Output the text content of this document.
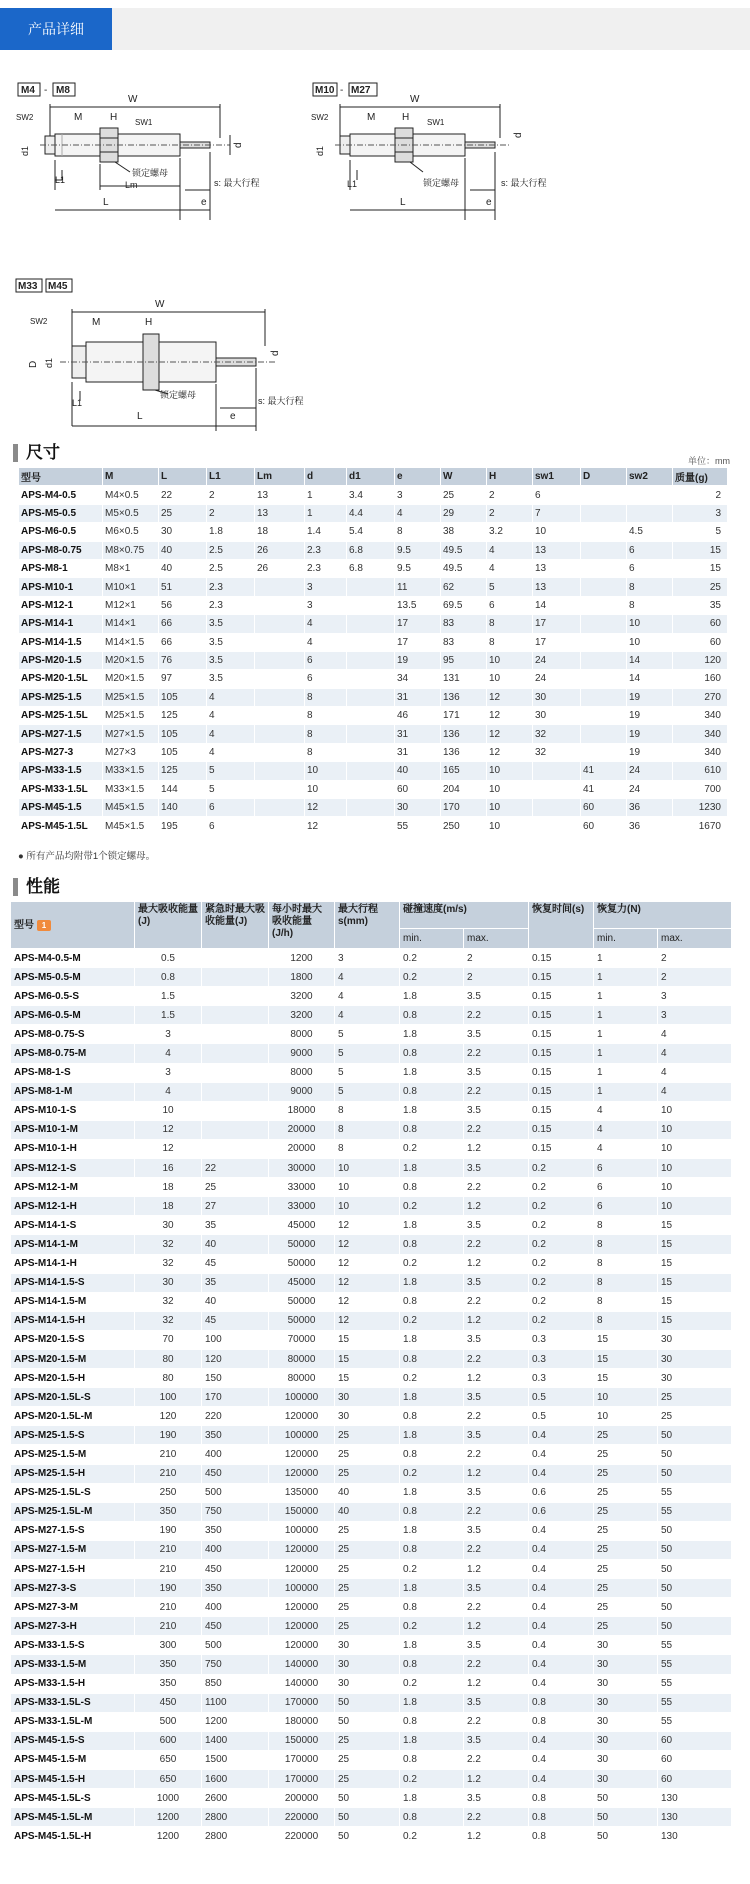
产品详细
M4 - M8
W
M	H SW1
SW2
d1
d
L1	Lm
L	e
锁定螺母
s: 最大行程
M10 - M27
W
M	H SW1
SW2
d1
d
L1
L	e
锁定螺母	s: 最大行程
M33 M45
W
M	H
SW2
D d1
d
L1
L	e
锁定螺母
s: 最大行程
尺寸	单位：mm
型号	M	L	L1	Lm	d	d1	e	W	H	sw1	D	sw2	质量(g)
APS-M4-0.5	M4×0.5	22	2	13	1	3.4	3	25	2	6			2
APS-M5-0.5	M5×0.5	25	2	13	1	4.4	4	29	2	7			3
APS-M6-0.5	M6×0.5	30	1.8	18	1.4	5.4	8	38	3.2	10		4.5	5
APS-M8-0.75	M8×0.75	40	2.5	26	2.3	6.8	9.5	49.5	4	13		6	15
APS-M8-1	M8×1	40	2.5	26	2.3	6.8	9.5	49.5	4	13		6	15
APS-M10-1	M10×1	51	2.3		3		11	62	5	13		8	25
APS-M12-1	M12×1	56	2.3		3		13.5	69.5	6	14		8	35
APS-M14-1	M14×1	66	3.5		4		17	83	8	17		10	60
APS-M14-1.5	M14×1.5	66	3.5		4		17	83	8	17		10	60
APS-M20-1.5	M20×1.5	76	3.5		6		19	95	10	24		14	120
APS-M20-1.5L	M20×1.5	97	3.5		6		34	131	10	24		14	160
APS-M25-1.5	M25×1.5	105	4		8		31	136	12	30		19	270
APS-M25-1.5L	M25×1.5	125	4		8		46	171	12	30		19	340
APS-M27-1.5	M27×1.5	105	4		8		31	136	12	32		19	340
APS-M27-3	M27×3	105	4		8		31	136	12	32		19	340
APS-M33-1.5	M33×1.5	125	5		10		40	165	10		41	24	610
APS-M33-1.5L	M33×1.5	144	5		10		60	204	10		41	24	700
APS-M45-1.5	M45×1.5	140	6		12		30	170	10		60	36	1230
APS-M45-1.5L	M45×1.5	195	6		12		55	250	10		60	36	1670
● 所有产品均附带1个锁定螺母。
性能
型号 1	最大吸收能量(J)	紧急时最大吸收能量(J)	每小时最大吸收能量(J/h)	最大行程s(mm)	碰撞速度(m/s)		恢复时间(s)	恢复力(N)	
					min.	max.		min.	max.
APS-M4-0.5-M	0.5		1200	3	0.2	2	0.15	1	2
APS-M5-0.5-M	0.8		1800	4	0.2	2	0.15	1	2
APS-M6-0.5-S	1.5		3200	4	1.8	3.5	0.15	1	3
APS-M6-0.5-M	1.5		3200	4	0.8	2.2	0.15	1	3
APS-M8-0.75-S	3		8000	5	1.8	3.5	0.15	1	4
APS-M8-0.75-M	4		9000	5	0.8	2.2	0.15	1	4
APS-M8-1-S	3		8000	5	1.8	3.5	0.15	1	4
APS-M8-1-M	4		9000	5	0.8	2.2	0.15	1	4
APS-M10-1-S	10		18000	8	1.8	3.5	0.15	4	10
APS-M10-1-M	12		20000	8	0.8	2.2	0.15	4	10
APS-M10-1-H	12		20000	8	0.2	1.2	0.15	4	10
APS-M12-1-S	16	22	30000	10	1.8	3.5	0.2	6	10
APS-M12-1-M	18	25	33000	10	0.8	2.2	0.2	6	10
APS-M12-1-H	18	27	33000	10	0.2	1.2	0.2	6	10
APS-M14-1-S	30	35	45000	12	1.8	3.5	0.2	8	15
APS-M14-1-M	32	40	50000	12	0.8	2.2	0.2	8	15
APS-M14-1-H	32	45	50000	12	0.2	1.2	0.2	8	15
APS-M14-1.5-S	30	35	45000	12	1.8	3.5	0.2	8	15
APS-M14-1.5-M	32	40	50000	12	0.8	2.2	0.2	8	15
APS-M14-1.5-H	32	45	50000	12	0.2	1.2	0.2	8	15
APS-M20-1.5-S	70	100	70000	15	1.8	3.5	0.3	15	30
APS-M20-1.5-M	80	120	80000	15	0.8	2.2	0.3	15	30
APS-M20-1.5-H	80	150	80000	15	0.2	1.2	0.3	15	30
APS-M20-1.5L-S	100	170	100000	30	1.8	3.5	0.5	10	25
APS-M20-1.5L-M	120	220	120000	30	0.8	2.2	0.5	10	25
APS-M25-1.5-S	190	350	100000	25	1.8	3.5	0.4	25	50
APS-M25-1.5-M	210	400	120000	25	0.8	2.2	0.4	25	50
APS-M25-1.5-H	210	450	120000	25	0.2	1.2	0.4	25	50
APS-M25-1.5L-S	250	500	135000	40	1.8	3.5	0.6	25	55
APS-M25-1.5L-M	350	750	150000	40	0.8	2.2	0.6	25	55
APS-M27-1.5-S	190	350	100000	25	1.8	3.5	0.4	25	50
APS-M27-1.5-M	210	400	120000	25	0.8	2.2	0.4	25	50
APS-M27-1.5-H	210	450	120000	25	0.2	1.2	0.4	25	50
APS-M27-3-S	190	350	100000	25	1.8	3.5	0.4	25	50
APS-M27-3-M	210	400	120000	25	0.8	2.2	0.4	25	50
APS-M27-3-H	210	450	120000	25	0.2	1.2	0.4	25	50
APS-M33-1.5-S	300	500	120000	30	1.8	3.5	0.4	30	55
APS-M33-1.5-M	350	750	140000	30	0.8	2.2	0.4	30	55
APS-M33-1.5-H	350	850	140000	30	0.2	1.2	0.4	30	55
APS-M33-1.5L-S	450	1100	170000	50	1.8	3.5	0.8	30	55
APS-M33-1.5L-M	500	1200	180000	50	0.8	2.2	0.8	30	55
APS-M45-1.5-S	600	1400	150000	25	1.8	3.5	0.4	30	60
APS-M45-1.5-M	650	1500	170000	25	0.8	2.2	0.4	30	60
APS-M45-1.5-H	650	1600	170000	25	0.2	1.2	0.4	30	60
APS-M45-1.5L-S	1000	2600	200000	50	1.8	3.5	0.8	50	130
APS-M45-1.5L-M	1200	2800	220000	50	0.8	2.2	0.8	50	130
APS-M45-1.5L-H	1200	2800	220000	50	0.2	1.2	0.8	50	130
